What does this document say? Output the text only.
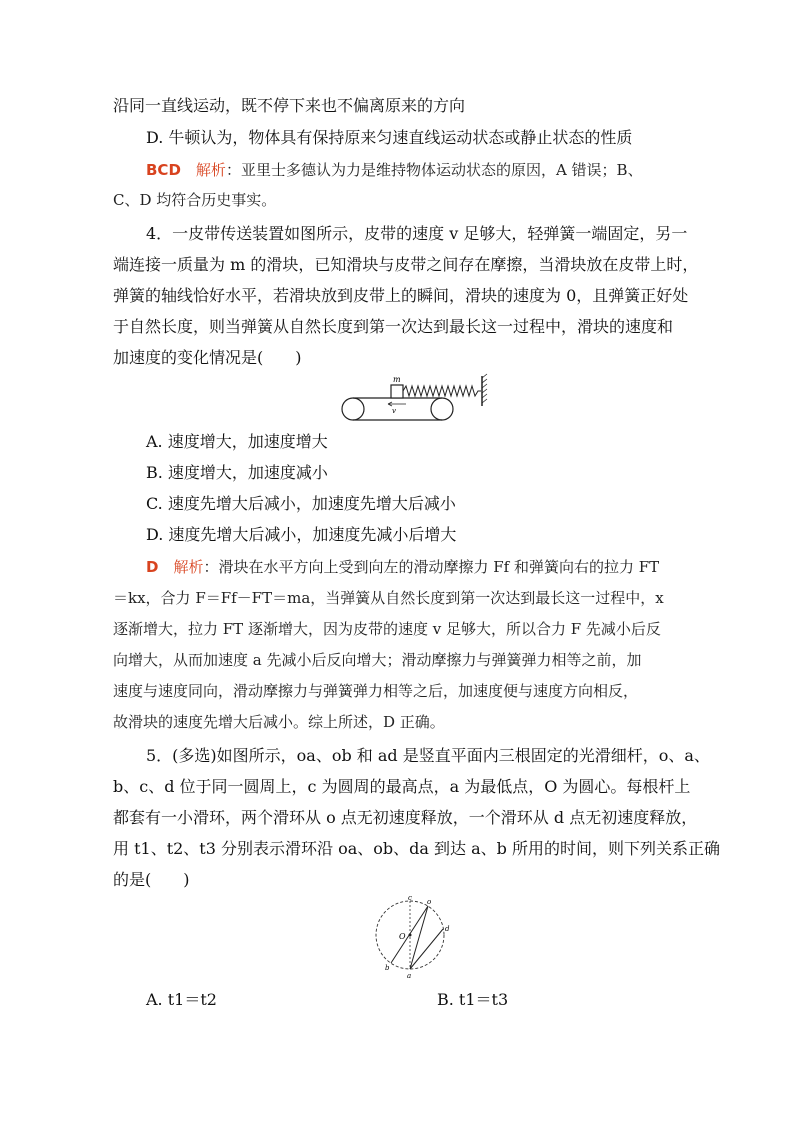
沿同一直线运动，既不停下来也不偏离原来的方向
D. 牛顿认为，物体具有保持原来匀速直线运动状态或静止状态的性质
BCD　 解析：亚里士多德认为力是维持物体运动状态的原因，A 错误；B、
C、D 均符合历史事实。
4．一皮带传送装置如图所示，皮带的速度 v 足够大，轻弹簧一端固定，另一
端连接一质量为 m 的滑块，已知滑块与皮带之间存在摩擦，当滑块放在皮带上时，
弹簧的轴线恰好水平，若滑块放到皮带上的瞬间，滑块的速度为 0，且弹簧正好处
于自然长度，则当弹簧从自然长度到第一次达到最长这一过程中，滑块的速度和
加速度的变化情况是(　　)
m
v
A. 速度增大，加速度增大
B. 速度增大，加速度减小
C. 速度先增大后减小，加速度先增大后减小
D. 速度先增大后减小，加速度先减小后增大
D　 解析：滑块在水平方向上受到向左的滑动摩擦力 Ff 和弹簧向右的拉力 FT
＝kx，合力 F＝Ff－FT＝ma，当弹簧从自然长度到第一次达到最长这一过程中，x
逐渐增大，拉力 FT 逐渐增大，因为皮带的速度 v 足够大，所以合力 F 先减小后反
向增大，从而加速度 a 先减小后反向增大；滑动摩擦力与弹簧弹力相等之前，加
速度与速度同向，滑动摩擦力与弹簧弹力相等之后，加速度便与速度方向相反，
故滑块的速度先增大后减小。综上所述，D 正确。
5．(多选)如图所示，oa、ob 和 ad 是竖直平面内三根固定的光滑细杆，o、a、
b、c、d 位于同一圆周上，c 为圆周的最高点，a 为最低点，O 为圆心。每根杆上
都套有一小滑环，两个滑环从 o 点无初速度释放，一个滑环从 d 点无初速度释放，
用 t1、t2、t3 分别表示滑环沿 oa、ob、da 到达 a、b 所用的时间，则下列关系正确
的是(　　)
c o
O
d
b
a
A. t1＝t2	B. t1＝t3
